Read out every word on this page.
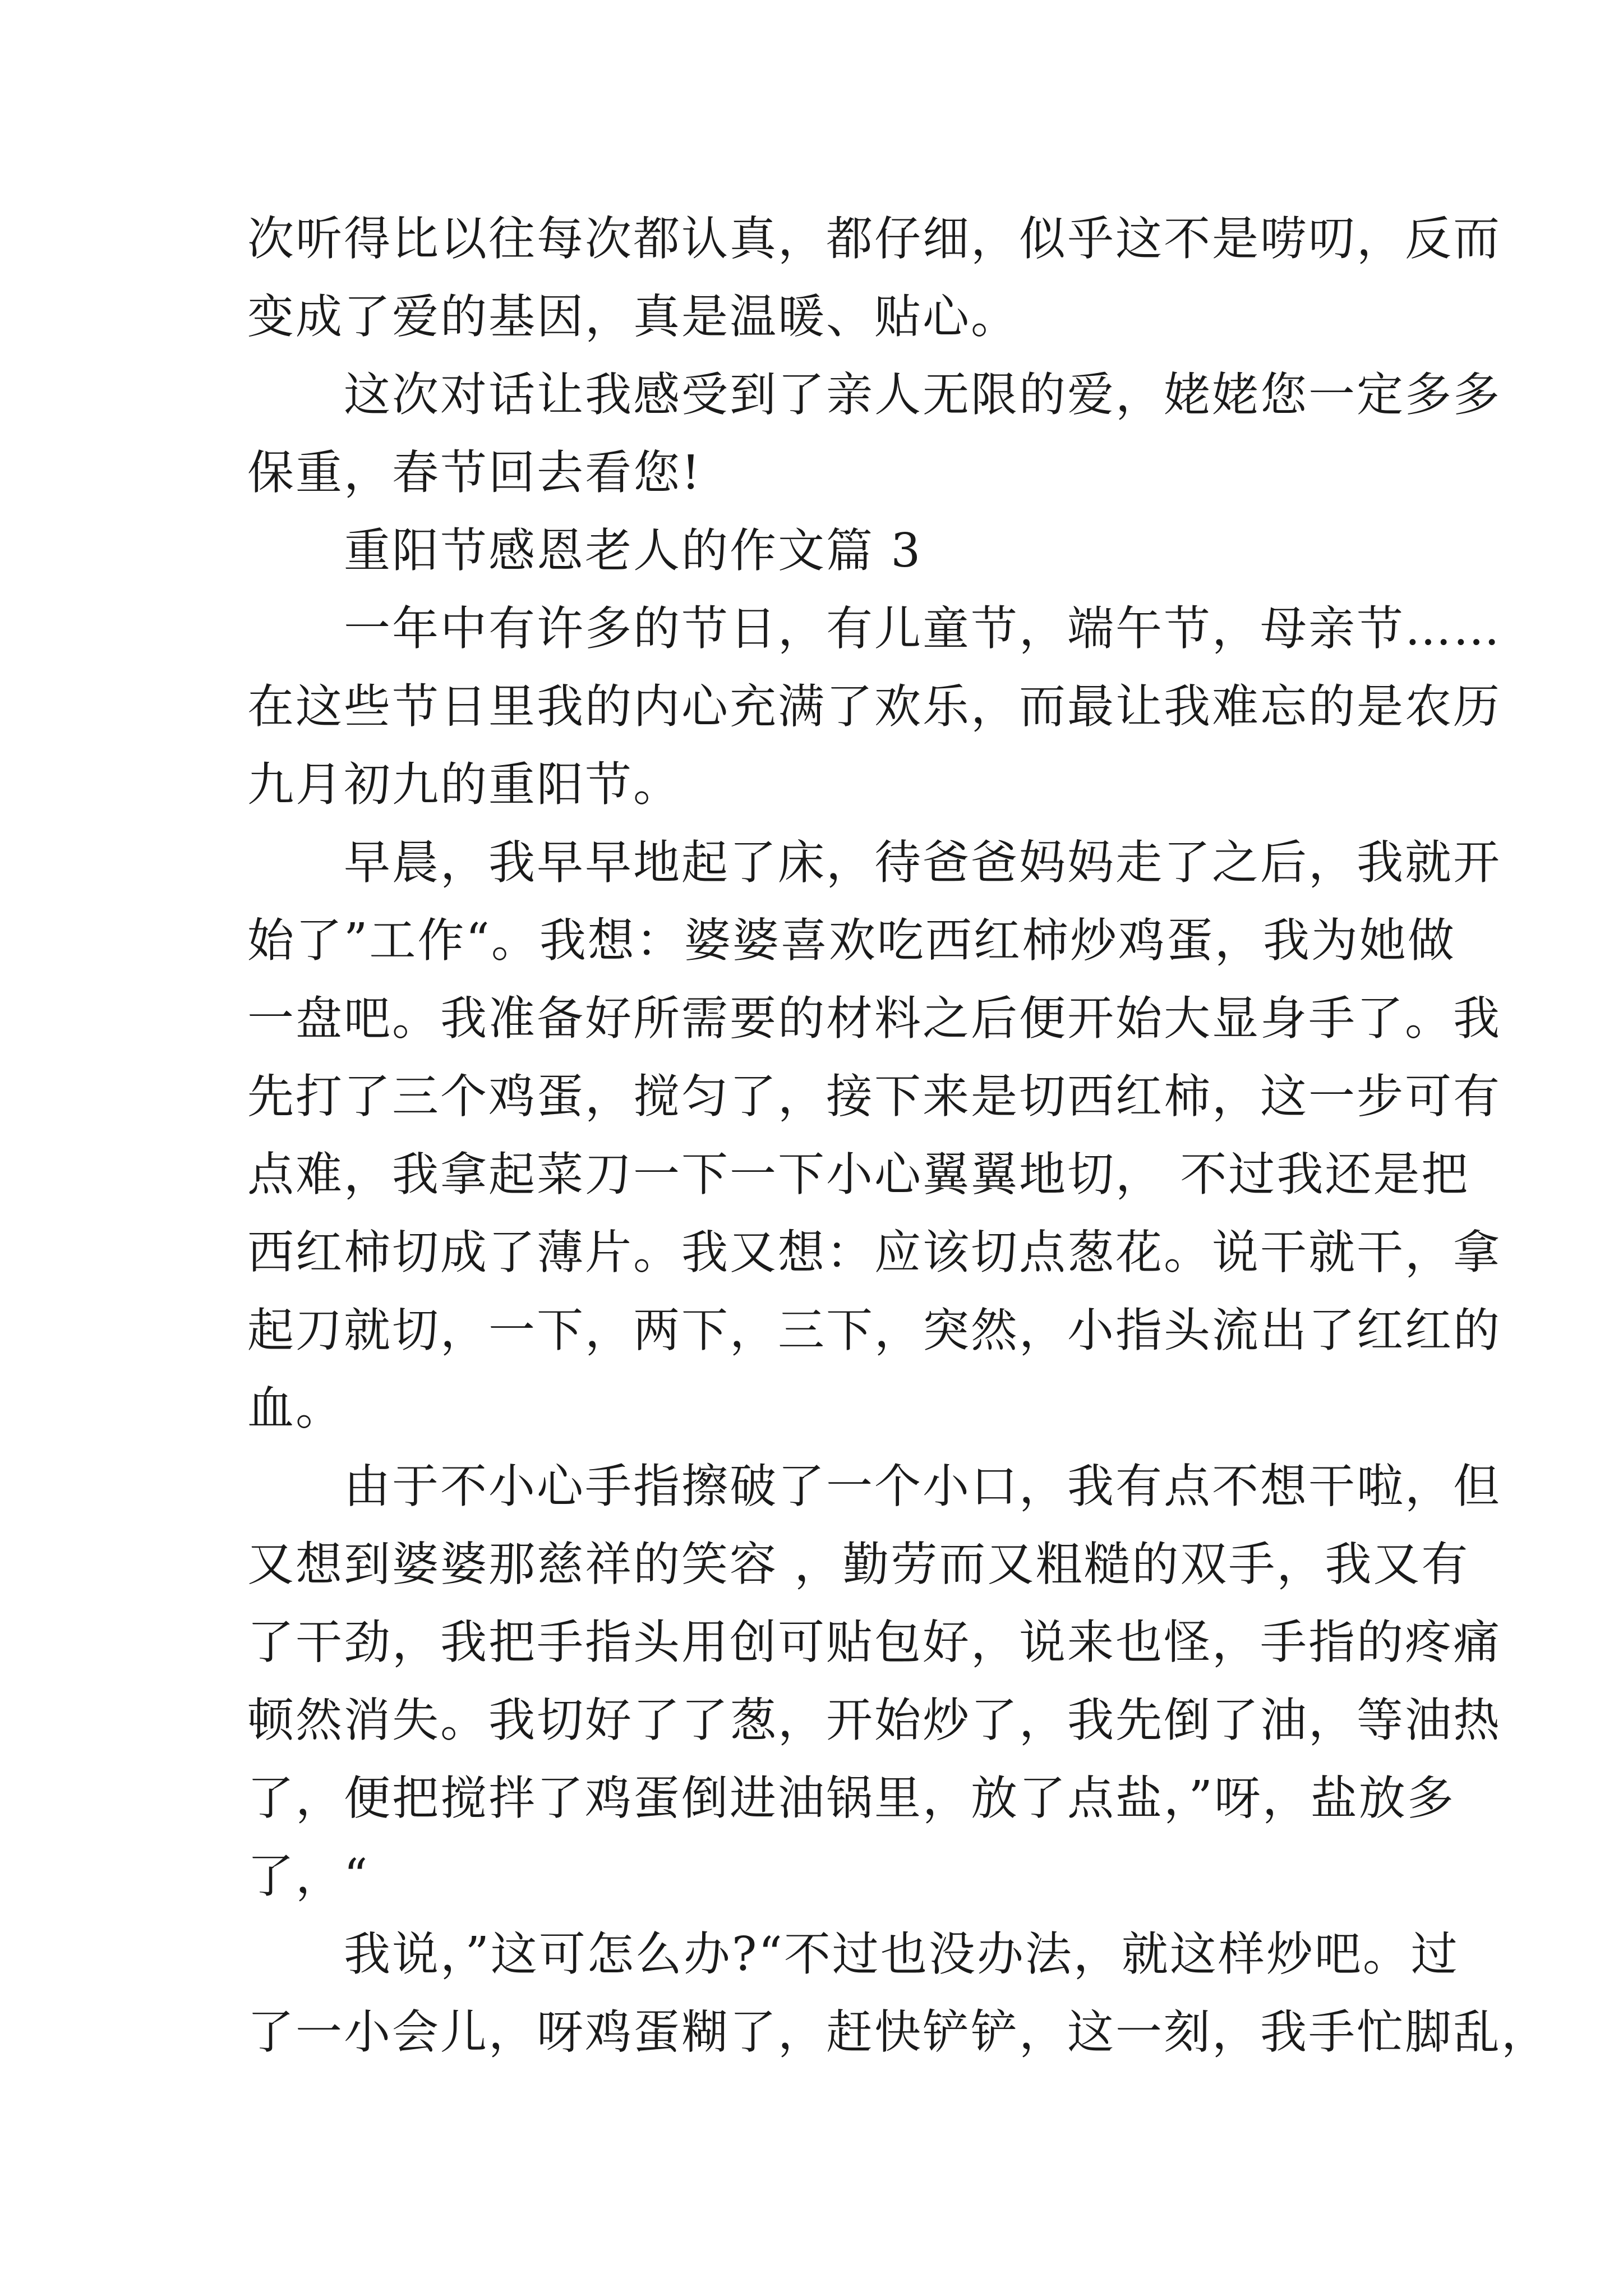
次听得比以往每次都认真，都仔细，似乎这不是唠叨，反而

变成了爱的基因，真是温暖、贴心。

　　这次对话让我感受到了亲人无限的爱，姥姥您一定多多

保重，春节回去看您!

　　重阳节感恩老人的作文篇 3

　　一年中有许多的节日，有儿童节，端午节，母亲节……

在这些节日里我的内心充满了欢乐，而最让我难忘的是农历

九月初九的重阳节。

　　早晨，我早早地起了床，待爸爸妈妈走了之后，我就开

始了”工作“。我想：婆婆喜欢吃西红柿炒鸡蛋，我为她做

一盘吧。我准备好所需要的材料之后便开始大显身手了。我

先打了三个鸡蛋，搅匀了，接下来是切西红柿，这一步可有

点难，我拿起菜刀一下一下小心翼翼地切， 不过我还是把

西红柿切成了薄片。我又想：应该切点葱花。说干就干，拿

起刀就切，一下，两下，三下，突然，小指头流出了红红的

血。

　　由于不小心手指擦破了一个小口，我有点不想干啦，但

又想到婆婆那慈祥的笑容 ，勤劳而又粗糙的双手，我又有

了干劲，我把手指头用创可贴包好，说来也怪，手指的疼痛

顿然消失。我切好了了葱，开始炒了，我先倒了油，等油热

了，便把搅拌了鸡蛋倒进油锅里，放了点盐，”呀，盐放多

了，“

　　我说，”这可怎么办?“不过也没办法，就这样炒吧。过

了一小会儿，呀鸡蛋糊了，赶快铲铲，这一刻，我手忙脚乱，
